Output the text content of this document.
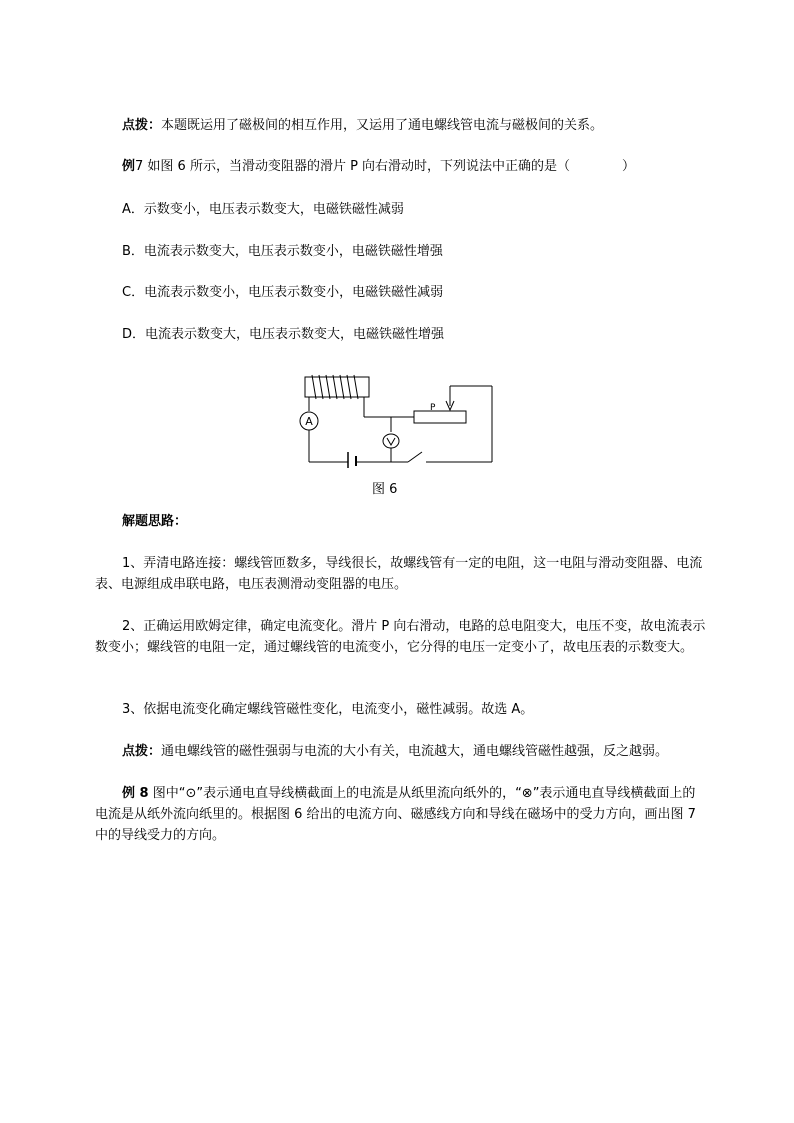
点拨：本题既运用了磁极间的相互作用，又运用了通电螺线管电流与磁极间的关系。
例7 如图 6 所示，当滑动变阻器的滑片 P 向右滑动时，下列说法中正确的是（　　　　）
A．示数变小，电压表示数变大，电磁铁磁性减弱
B．电流表示数变大，电压表示数变小，电磁铁磁性增强
C．电流表示数变小，电压表示数变小，电磁铁磁性减弱
D．电流表示数变大，电压表示数变大，电磁铁磁性增强
A
P
图 6
解题思路：
1、弄清电路连接：螺线管匝数多，导线很长，故螺线管有一定的电阻，这一电阻与滑动变阻器、电流表、电源组成串联电路，电压表测滑动变阻器的电压。
2、正确运用欧姆定律，确定电流变化。滑片 P 向右滑动，电路的总电阻变大，电压不变，故电流表示数变小；螺线管的电阻一定，通过螺线管的电流变小，它分得的电压一定变小了，故电压表的示数变大。
3、依据电流变化确定螺线管磁性变化，电流变小，磁性减弱。故选 A。
点拨：通电螺线管的磁性强弱与电流的大小有关，电流越大，通电螺线管磁性越强，反之越弱。
例 8 图中“⊙”表示通电直导线横截面上的电流是从纸里流向纸外的，“⊗”表示通电直导线横截面上的电流是从纸外流向纸里的。根据图 6 给出的电流方向、磁感线方向和导线在磁场中的受力方向，画出图 7 中的导线受力的方向。
